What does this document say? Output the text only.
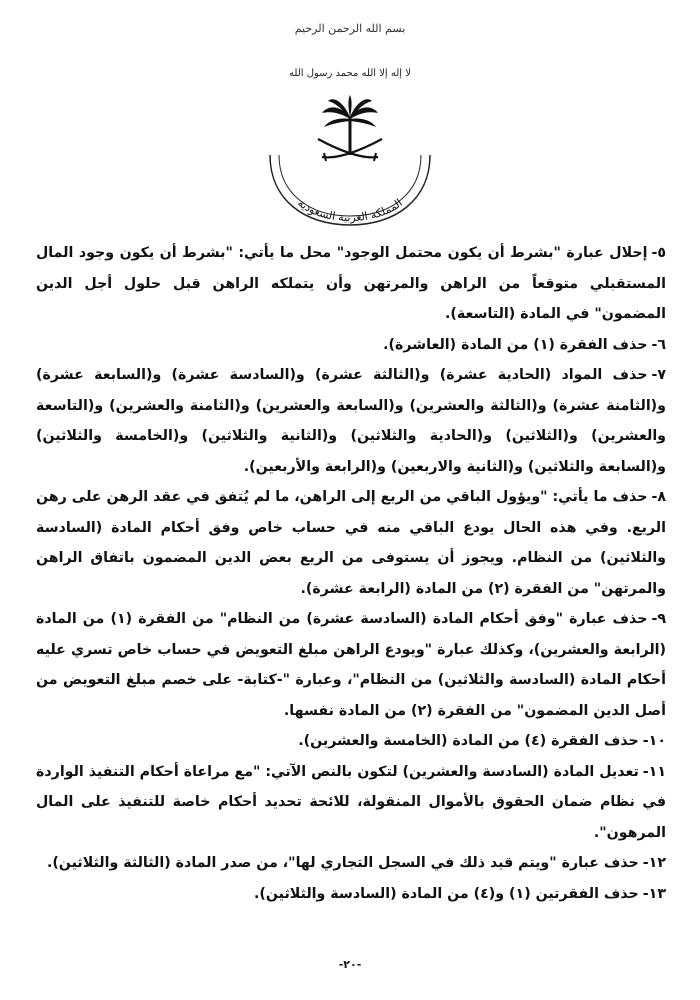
بسم الله الرحمن الرحيم
لا إله إلا الله محمد رسول الله
المملكة العربية السعودية

٥-إحلال عبارة "بشرط أن يكون محتمل الوجود" محل ما يأتي: "بشرط أن يكون وجود المال المستقبلي متوقعاً من الراهن والمرتهن وأن يتملكه الراهن قبل حلول أجل الدين المضمون" في المادة (التاسعة).

٦-حذف الفقرة (١) من المادة (العاشرة).

٧-حذف المواد (الحادية عشرة) و(الثالثة عشرة) و(السادسة عشرة) و(السابعة عشرة) و(الثامنة عشرة) و(الثالثة والعشرين) و(السابعة والعشرين) و(الثامنة والعشرين) و(التاسعة والعشرين) و(الثلاثين) و(الحادية والثلاثين) و(الثانية والثلاثين) و(الخامسة والثلاثين) و(السابعة والثلاثين) و(الثانية والاربعين) و(الرابعة والأربعين).

٨-حذف ما يأتي: "ويؤول الباقي من الريع إلى الراهن، ما لم يُتفق في عقد الرهن على رهن الريع. وفي هذه الحال يودع الباقي منه في حساب خاص وفق أحكام المادة (السادسة والثلاثين) من النظام. ويجوز أن يستوفى من الريع بعض الدين المضمون باتفاق الراهن والمرتهن" من الفقرة (٢) من المادة (الرابعة عشرة).

٩-حذف عبارة "وفق أحكام المادة (السادسة عشرة) من النظام" من الفقرة (١) من المادة (الرابعة والعشرين)، وكذلك عبارة "ويودع الراهن مبلغ التعويض في حساب خاص تسري عليه أحكام المادة (السادسة والثلاثين) من النظام"، وعبارة "-كتابة- على خصم مبلغ التعويض من أصل الدين المضمون" من الفقرة (٢) من المادة نفسها.

١٠-حذف الفقرة (٤) من المادة (الخامسة والعشرين).

١١-تعديل المادة (السادسة والعشرين) لتكون بالنص الآتي: "مع مراعاة أحكام التنفيذ الواردة في نظام ضمان الحقوق بالأموال المنقولة، للائحة تحديد أحكام خاصة للتنفيذ على المال المرهون".

١٢-حذف عبارة "ويتم قيد ذلك في السجل التجاري لها"، من صدر المادة (الثالثة والثلاثين).

١٣-حذف الفقرتين (١) و(٤) من المادة (السادسة والثلاثين).

-٢٠-
